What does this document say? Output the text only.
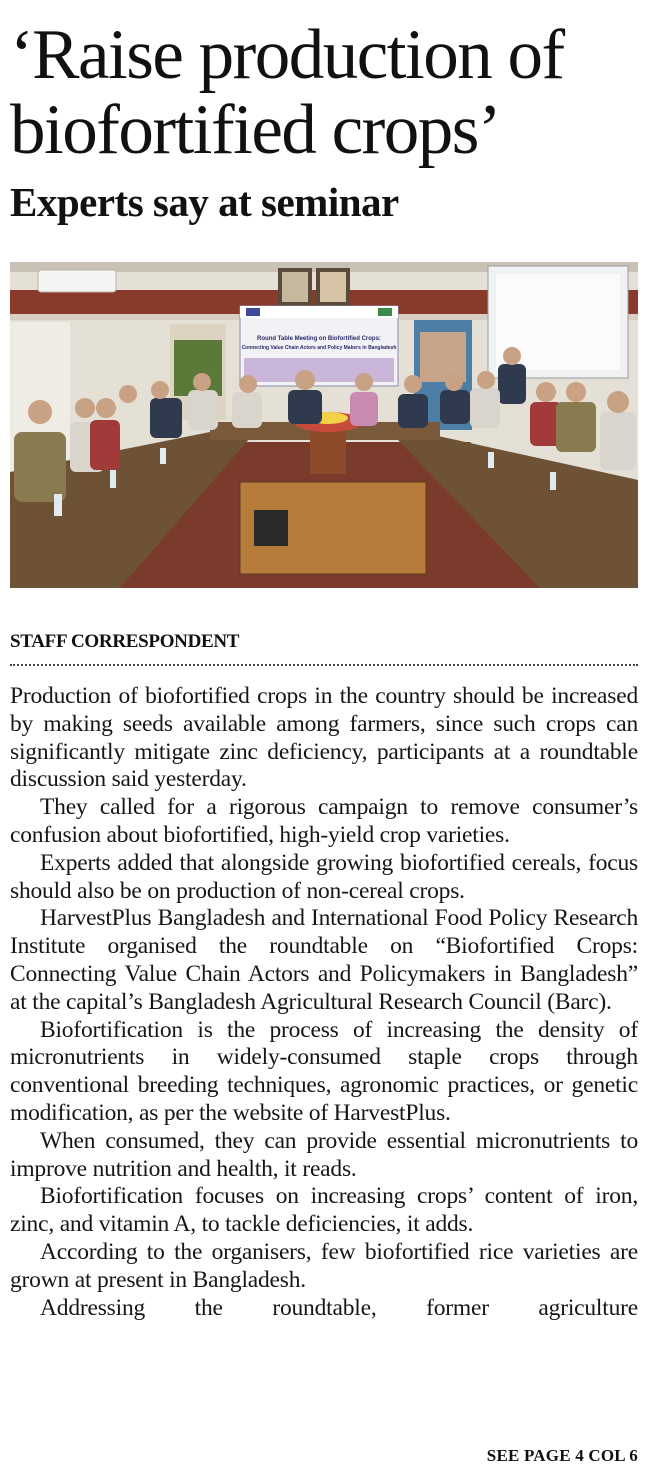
‘Raise production of biofortified crops’
Experts say at seminar
Round Table Meeting on Biofortified Crops:
Connecting Value Chain Actors and Policy Makers in Bangladesh
STAFF CORRESPONDENT

Production of biofortified crops in the country should be increased by making seeds available among farmers, since such crops can significantly mitigate zinc deficiency, participants at a roundtable discussion said yesterday.

They called for a rigorous campaign to remove consumer’s confusion about biofortified, high-yield crop varieties.

Experts added that alongside growing biofortified cereals, focus should also be on production of non-cereal crops.

HarvestPlus Bangladesh and International Food Policy Research Institute organised the roundtable on “Biofortified Crops: Connecting Value Chain Actors and Policymakers in Bangladesh” at the capital’s Bangladesh Agricultural Research Council (Barc).

Biofortification is the process of increasing the density of micronutrients in widely-consumed staple crops through conventional breeding techniques, agronomic practices, or genetic modification, as per the website of HarvestPlus.

When consumed, they can provide essential micronutrients to improve nutrition and health, it reads.

Biofortification focuses on increasing crops’ content of iron, zinc, and vitamin A, to tackle deficiencies, it adds.

According to the organisers, few biofortified rice varieties are grown at present in Bangladesh.

Addressing the roundtable, former agriculture

SEE PAGE 4 COL 6
